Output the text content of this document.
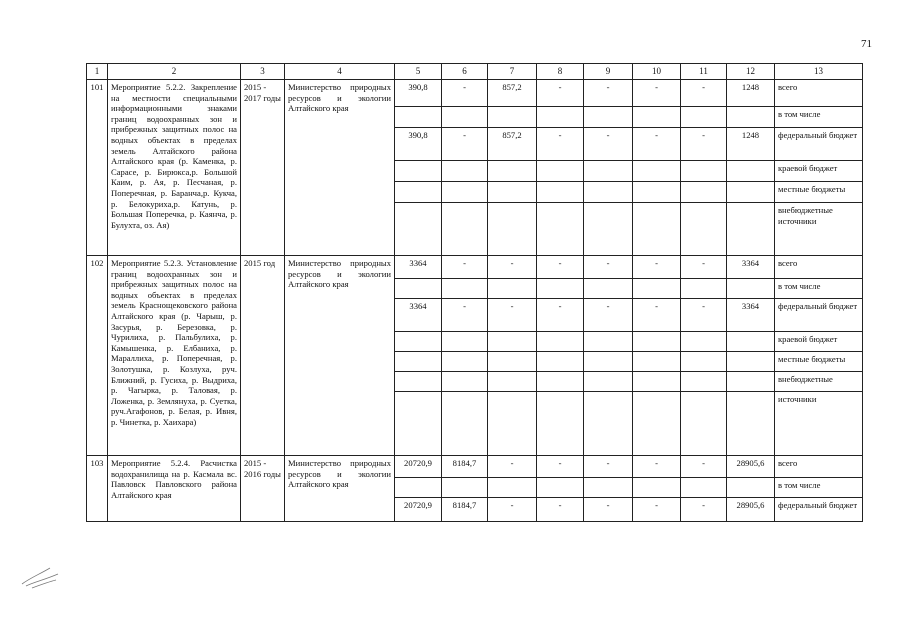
71
1	2	3	4	5	6	7	8	9	10	11	12	13
101	Мероприятие 5.2.2. Закрепление на местности специальными информационными знаками границ водоохранных зон и прибрежных защитных полос на водных объектах в пределах земель Алтайского района Алтайского края (р. Каменка, р. Сарасе, р. Бирюкса,р. Большой Каим, р. Ая, р. Песчаная, р. Поперечная, р. Баранча,р. Кукча, р. Белокуриха,р. Катунь, р. Большая Поперечка, р. Каянча, р. Булухта, оз. Ая)	2015 - 2017 годы	Министерство природных ресурсов и экологии Алтайского края	390,8	-	857,2	-	-	-	-	1248	всего
												в том числе
				390,8	-	857,2	-	-	-	-	1248	федеральный бюджет
												краевой бюджет
												местные бюджеты
												внебюджетные источники
102	Мероприятие 5.2.3. Установление границ водоохранных зон и прибрежных защитных полос на водных объектах в пределах земель Краснощековского района Алтайского края (р. Чарыш, р. Засурья, р. Березовка, р. Чурилиха, р. Пальбулиха, р. Камышенка, р. Елбаниха, р. Мараллиха, р. Поперечная, р. Золотушка, р. Козлуха, руч. Ближний, р. Гусиха, р. Выдриха, р. Чагырка, р. Таловая, р. Ложенка, р. Землянуха, р. Суетка, руч.Агафонов, р. Белая, р. Ивня, р. Чинетка, р. Хаихара)	2015 год	Министерство природных ресурсов и экологии Алтайского края	3364	-	-	-	-	-	-	3364	всего
												в том числе
				3364	-	-	-	-	-	-	3364	федеральный бюджет
												краевой бюджет
												местные бюджеты
												внебюджетные
												источники
103	Мероприятие 5.2.4. Расчистка водохранилища на р. Касмала вс. Павловск Павловского района Алтайского края	2015 - 2016 годы	Министерство природных ресурсов и экологии Алтайского края	20720,9	8184,7	-	-	-	-	-	28905,6	всего
												в том числе
				20720,9	8184,7	-	-	-	-	-	28905,6	федеральный бюджет
